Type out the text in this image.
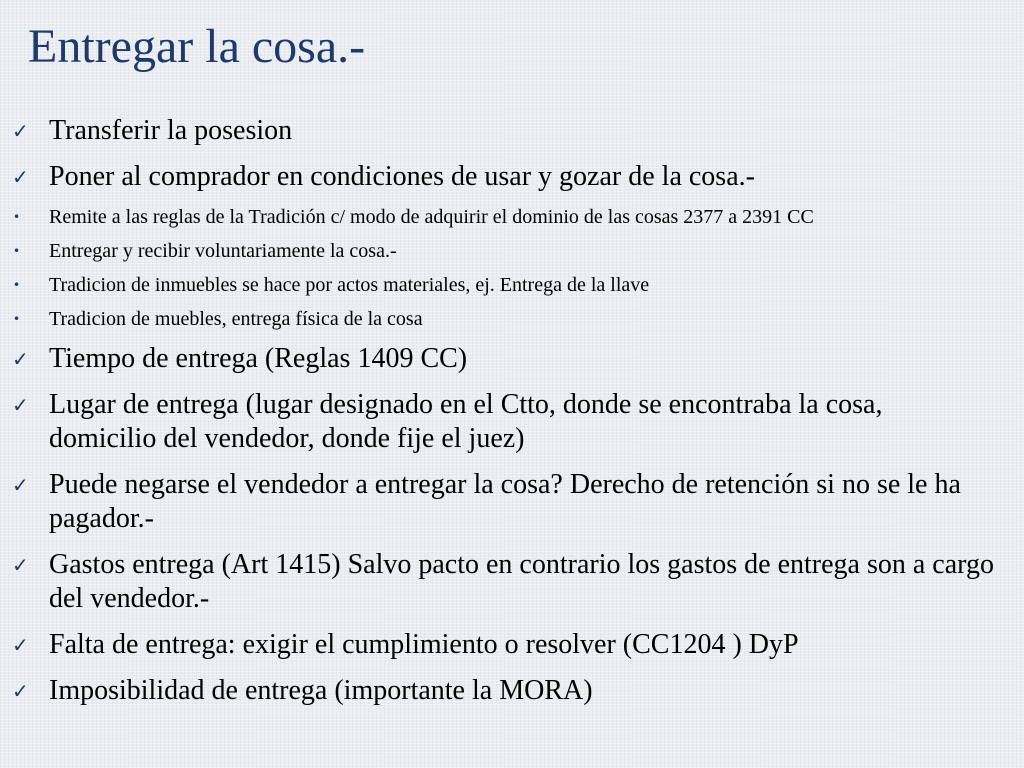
Entregar la cosa.-
✓ Transferir la posesion
✓ Poner al comprador en condiciones de usar y gozar de la cosa.-
• Remite a las reglas de la Tradición c/ modo de adquirir el dominio de las cosas 2377 a 2391 CC
• Entregar y recibir voluntariamente la cosa.-
• Tradicion de inmuebles se hace por actos materiales, ej. Entrega de la llave
• Tradicion de muebles, entrega física de la cosa
✓ Tiempo de entrega (Reglas 1409 CC)
✓ Lugar de entrega (lugar designado en el Ctto, donde se encontraba la cosa, domicilio del vendedor, donde fije el juez)
✓ Puede negarse el vendedor a entregar la cosa? Derecho de retención si no se le ha pagador.-
✓ Gastos entrega (Art 1415) Salvo pacto en contrario los gastos de entrega son a cargo del vendedor.-
✓ Falta de entrega: exigir el cumplimiento o resolver (CC1204 ) DyP
✓ Imposibilidad de entrega (importante la MORA)
